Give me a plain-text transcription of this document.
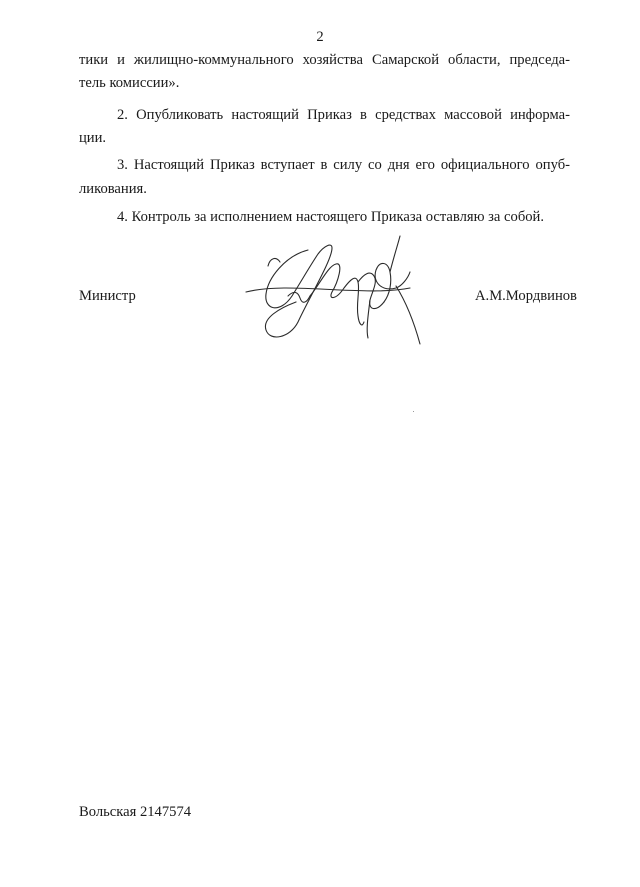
2
тики и жилищно-коммунального хозяйства Самарской области, председа-
тель комиссии».
2. Опубликовать настоящий Приказ в средствах массовой информа-
ции.
3. Настоящий Приказ вступает в силу со дня его официального опуб-
ликования.
4. Контроль за исполнением настоящего Приказа оставляю за собой.
Министр	А.М.Мордвинов
Вольская 2147574
